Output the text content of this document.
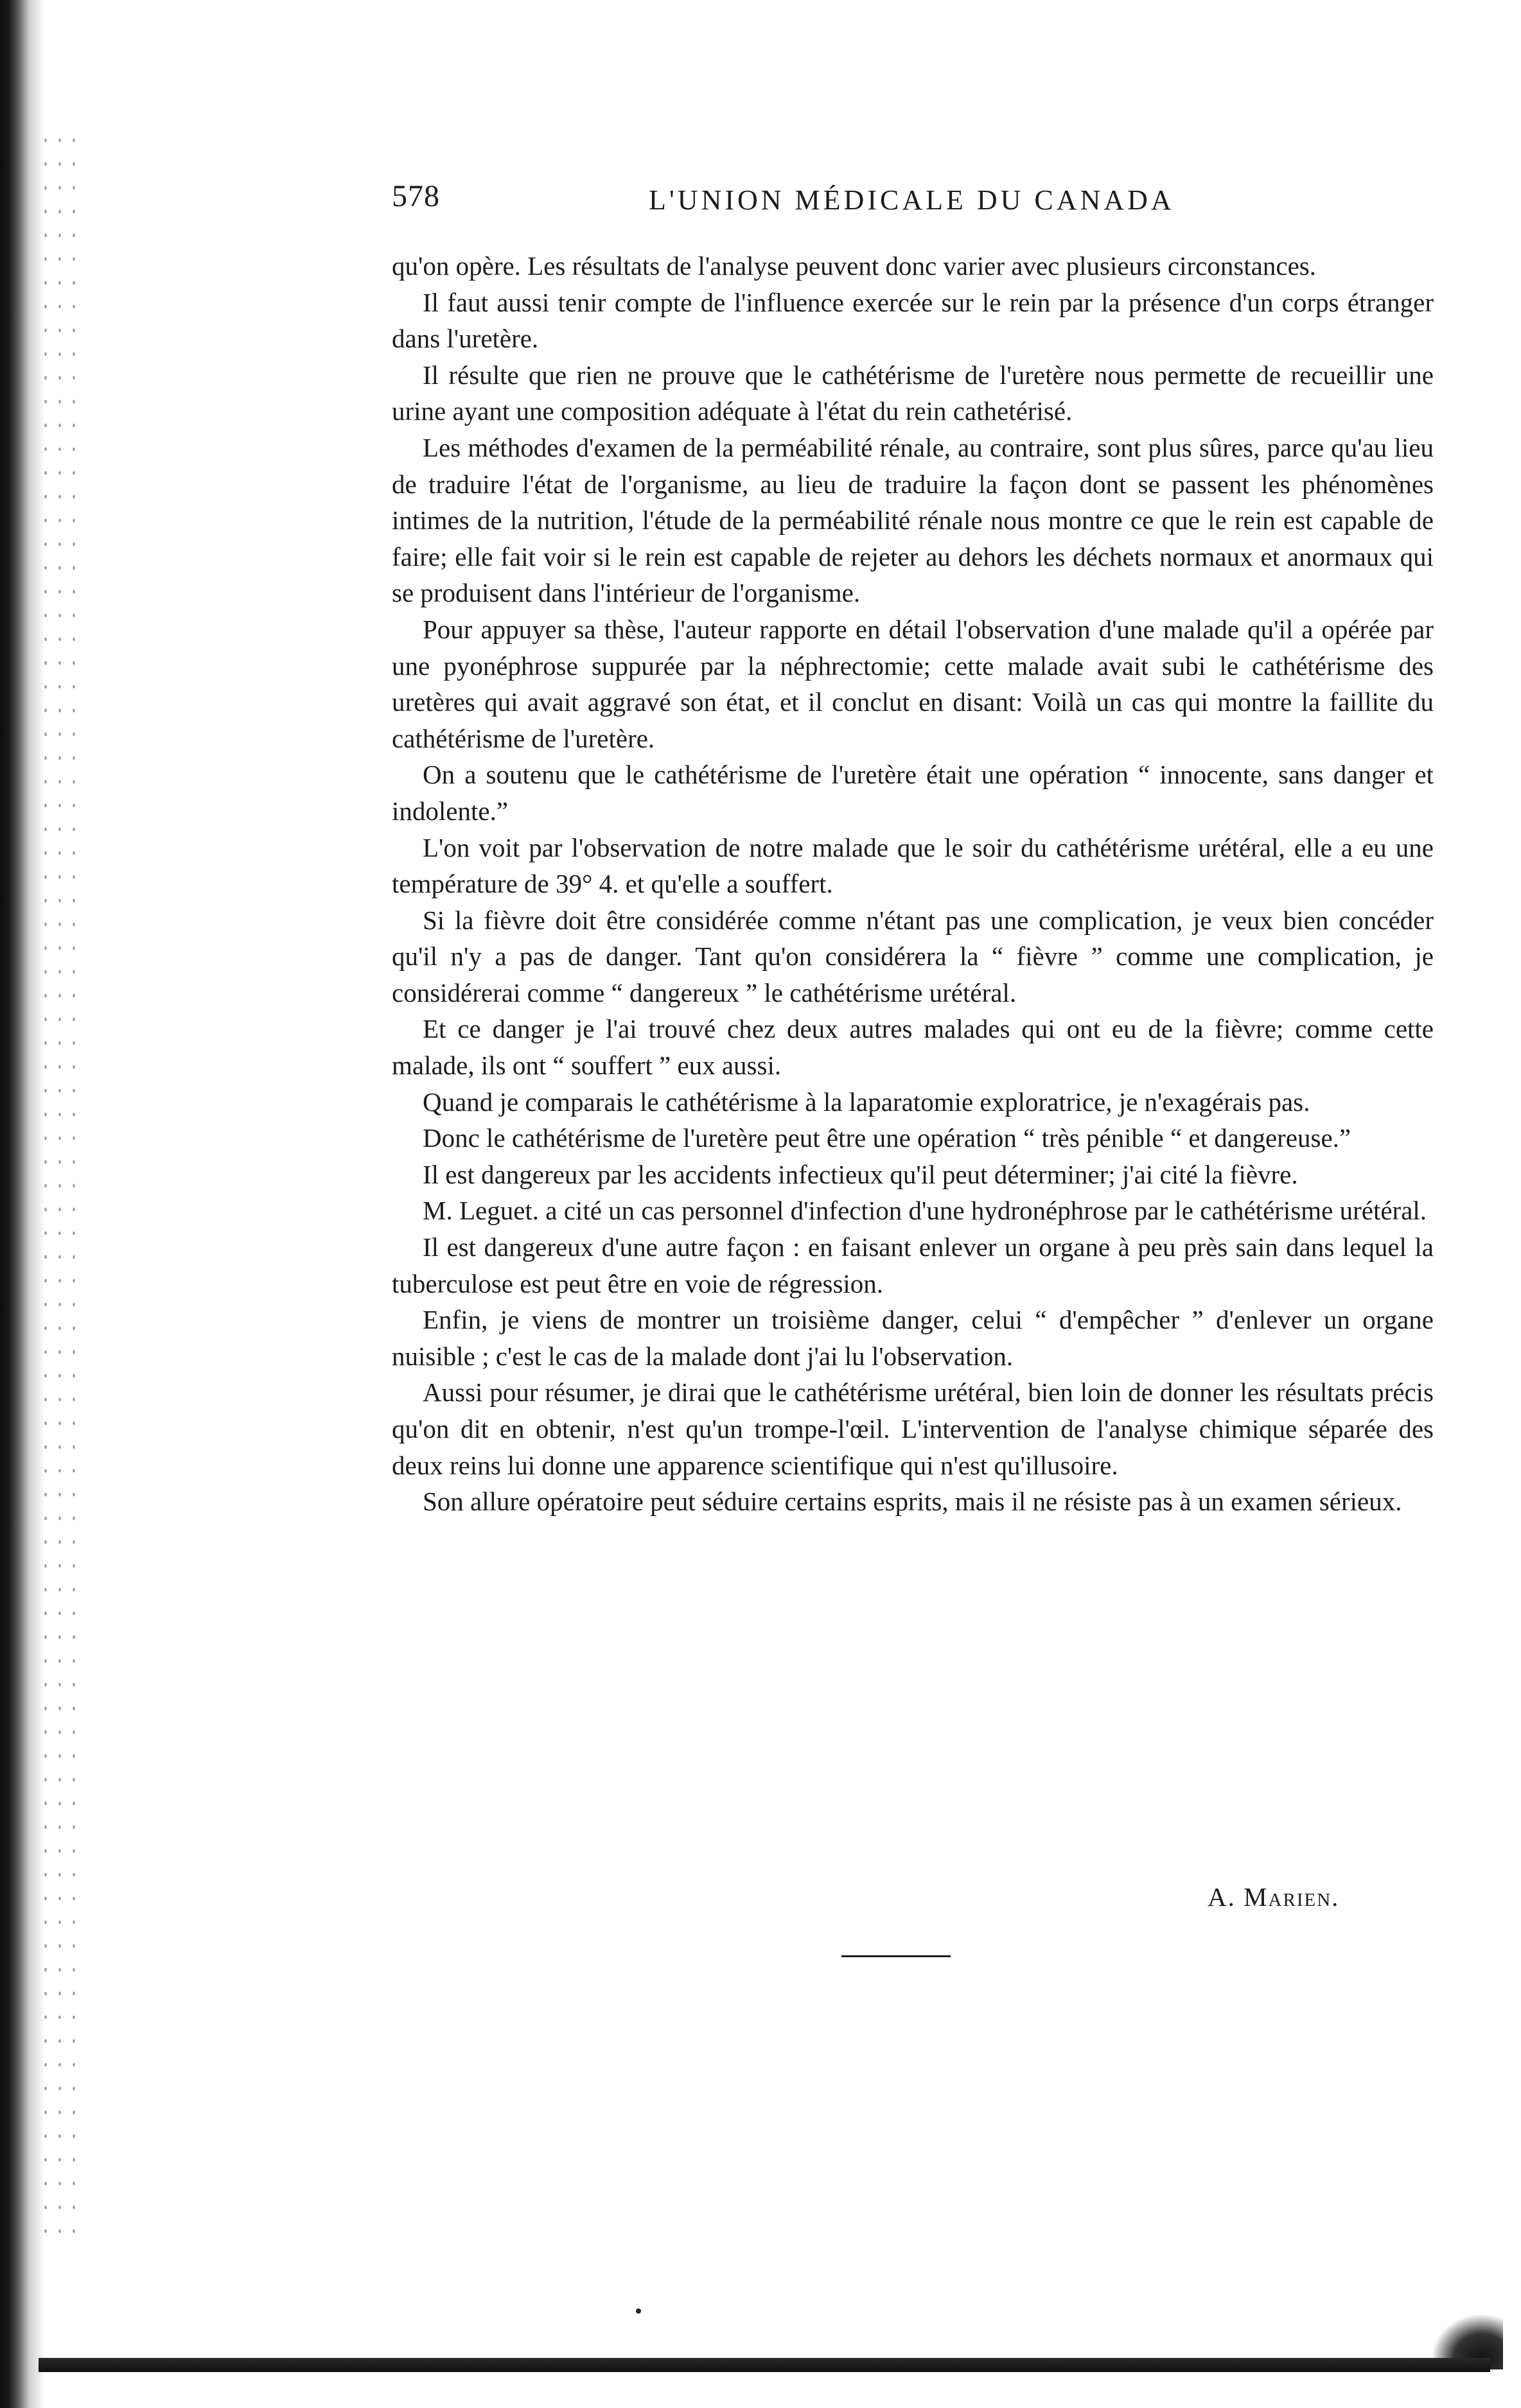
578	L'UNION MÉDICALE DU CANADA

qu'on opère. Les résultats de l'analyse peuvent donc varier avec plusieurs circonstances.

Il faut aussi tenir compte de l'influence exercée sur le rein par la présence d'un corps étranger dans l'uretère.

Il résulte que rien ne prouve que le cathétérisme de l'uretère nous permette de recueillir une urine ayant une composition adéquate à l'état du rein cathetérisé.

Les méthodes d'examen de la perméabilité rénale, au contraire, sont plus sûres, parce qu'au lieu de traduire l'état de l'organisme, au lieu de traduire la façon dont se passent les phénomènes intimes de la nutrition, l'étude de la perméabilité rénale nous montre ce que le rein est capable de faire; elle fait voir si le rein est capable de rejeter au dehors les déchets normaux et anormaux qui se produisent dans l'intérieur de l'organisme.

Pour appuyer sa thèse, l'auteur rapporte en détail l'observation d'une malade qu'il a opérée par une pyonéphrose suppurée par la néphrectomie; cette malade avait subi le cathétérisme des uretères qui avait aggravé son état, et il conclut en disant: Voilà un cas qui montre la faillite du cathétérisme de l'uretère.

On a soutenu que le cathétérisme de l'uretère était une opération “ innocente, sans danger et indolente.”

L'on voit par l'observation de notre malade que le soir du cathétérisme urétéral, elle a eu une température de 39° 4. et qu'elle a souffert.

Si la fièvre doit être considérée comme n'étant pas une complication, je veux bien concéder qu'il n'y a pas de danger. Tant qu'on considérera la “ fièvre ” comme une complication, je considérerai comme “ dangereux ” le cathétérisme urétéral.

Et ce danger je l'ai trouvé chez deux autres malades qui ont eu de la fièvre; comme cette malade, ils ont “ souffert ” eux aussi.

Quand je comparais le cathétérisme à la laparatomie exploratrice, je n'exagérais pas.

Donc le cathétérisme de l'uretère peut être une opération “ très pénible “ et dangereuse.”

Il est dangereux par les accidents infectieux qu'il peut déterminer; j'ai cité la fièvre.

M. Leguet. a cité un cas personnel d'infection d'une hydronéphrose par le cathétérisme urétéral.

Il est dangereux d'une autre façon : en faisant enlever un organe à peu près sain dans lequel la tuberculose est peut être en voie de régression.

Enfin, je viens de montrer un troisième danger, celui “ d'empêcher ” d'enlever un organe nuisible ; c'est le cas de la malade dont j'ai lu l'observation.

Aussi pour résumer, je dirai que le cathétérisme urétéral, bien loin de donner les résultats précis qu'on dit en obtenir, n'est qu'un trompe-l'œil. L'intervention de l'analyse chimique séparée des deux reins lui donne une apparence scientifique qui n'est qu'illusoire.

Son allure opératoire peut séduire certains esprits, mais il ne résiste pas à un examen sérieux.

A. Marien.
